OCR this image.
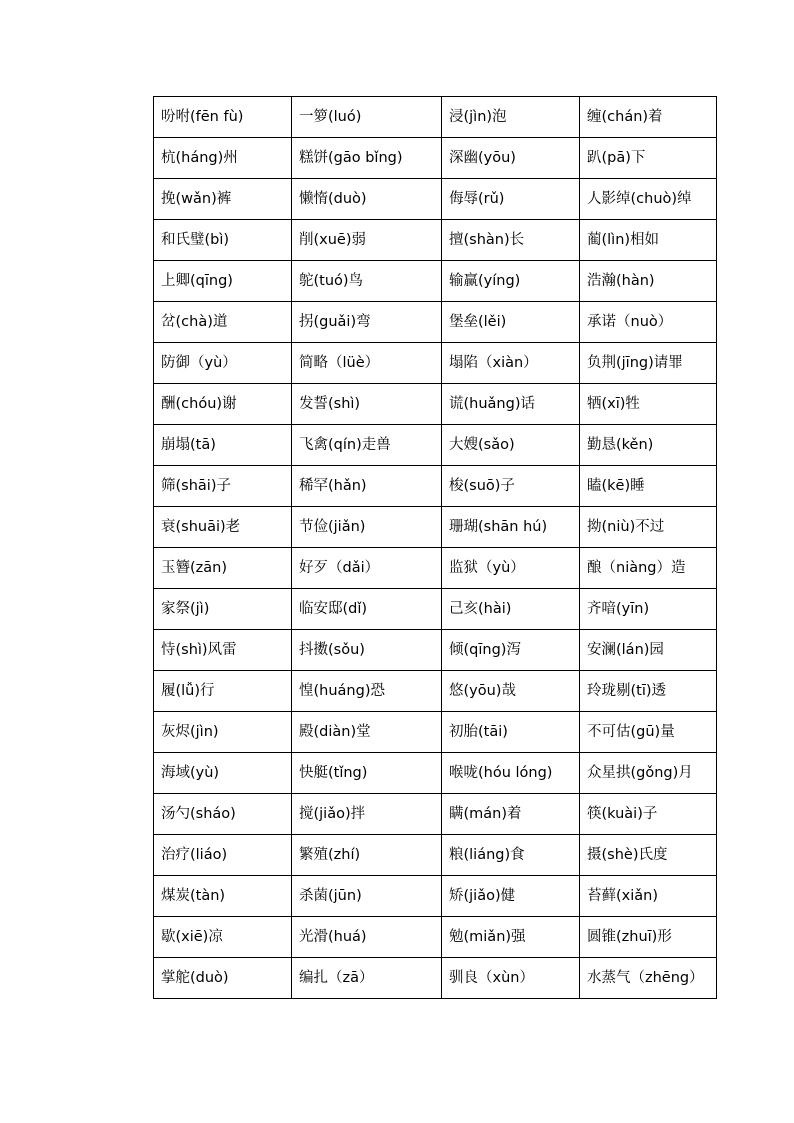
吩咐(fēn fù)	一箩(luó)	浸(jìn)泡	缠(chán)着
杭(háng)州	糕饼(gāo bǐng)	深幽(yōu)	趴(pā)下
挽(wǎn)裤	懒惰(duò)	侮辱(rǔ)	人影绰(chuò)绰
和氏璧(bì)	削(xuē)弱	擅(shàn)长	蔺(lìn)相如
上卿(qīng)	鸵(tuó)鸟	输赢(yíng)	浩瀚(hàn)
岔(chà)道	拐(guǎi)弯	堡垒(lěi)	承诺（nuò）
防御（yù）	简略（lüè）	塌陷（xiàn）	负荆(jīng)请罪
酬(chóu)谢	发誓(shì)	谎(huǎng)话	牺(xī)牲
崩塌(tā)	飞禽(qín)走兽	大嫂(sǎo)	勤恳(kěn)
筛(shāi)子	稀罕(hǎn)	梭(suō)子	瞌(kē)睡
衰(shuāi)老	节俭(jiǎn)	珊瑚(shān hú)	拗(niù)不过
玉簪(zān)	好歹（dǎi）	监狱（yù）	酿（niàng）造
家祭(jì)	临安邸(dǐ)	己亥(hài)	齐喑(yīn)
恃(shì)风雷	抖擞(sǒu)	倾(qīng)泻	安澜(lán)园
履(lǚ)行	惶(huáng)恐	悠(yōu)哉	玲珑剔(tī)透
灰烬(jìn)	殿(diàn)堂	初胎(tāi)	不可估(gū)量
海域(yù)	快艇(tǐng)	喉咙(hóu lóng)	众星拱(gǒng)月
汤勺(sháo)	搅(jiǎo)拌	瞒(mán)着	筷(kuài)子
治疗(liáo)	繁殖(zhí)	粮(liáng)食	摄(shè)氏度
煤炭(tàn)	杀菌(jūn)	矫(jiǎo)健	苔藓(xiǎn)
歇(xiē)凉	光滑(huá)	勉(miǎn)强	圆锥(zhuī)形
掌舵(duò)	编扎（zā）	驯良（xùn）	水蒸气（zhēng）
